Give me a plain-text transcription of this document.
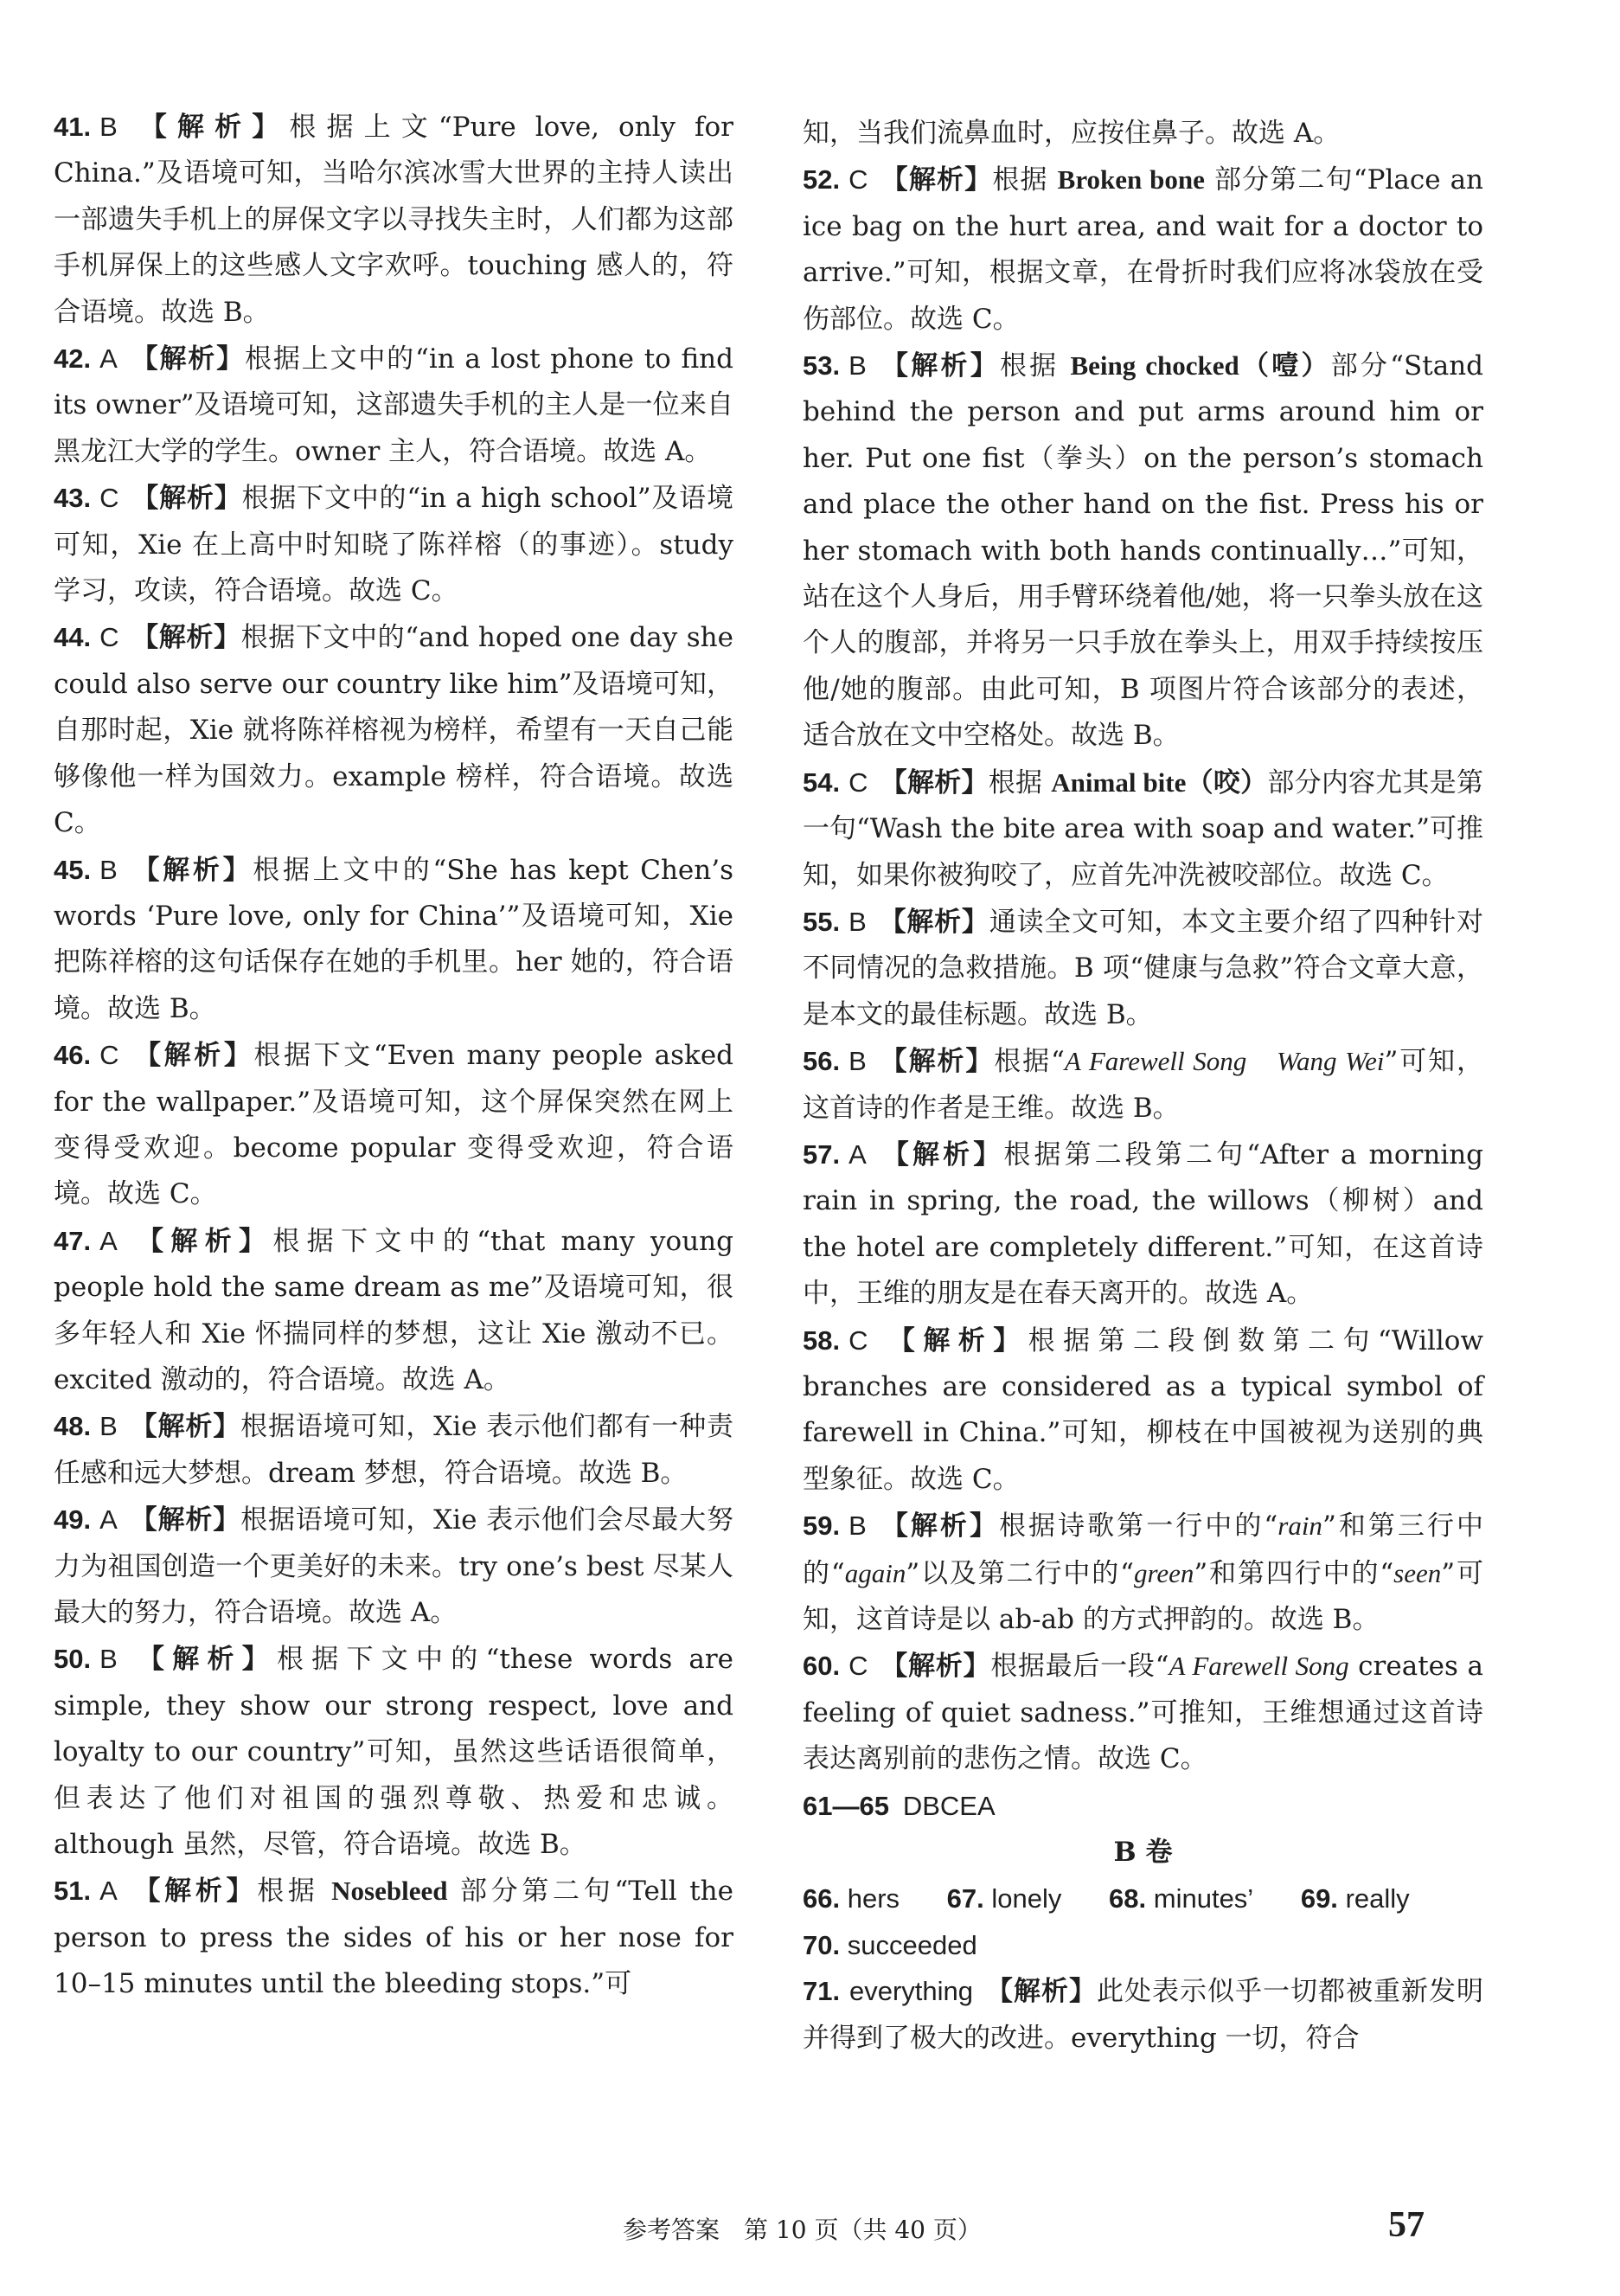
41. B 【解析】根据上文“Pure love, only for China.”及语境可知，当哈尔滨冰雪大世界的主持人读出一部遗失手机上的屏保文字以寻找失主时，人们都为这部手机屏保上的这些感人文字欢呼。touching 感人的，符合语境。故选 B。

42. A 【解析】根据上文中的“in a lost phone to find its owner”及语境可知，这部遗失手机的主人是一位来自黑龙江大学的学生。owner 主人，符合语境。故选 A。

43. C 【解析】根据下文中的“in a high school”及语境可知，Xie 在上高中时知晓了陈祥榕（的事迹）。study 学习，攻读，符合语境。故选 C。

44. C 【解析】根据下文中的“and hoped one day she could also serve our country like him”及语境可知，自那时起，Xie 就将陈祥榕视为榜样，希望有一天自己能够像他一样为国效力。example 榜样，符合语境。故选 C。

45. B 【解析】根据上文中的“She has kept Chen’s words ‘Pure love, only for China’”及语境可知，Xie 把陈祥榕的这句话保存在她的手机里。her 她的，符合语境。故选 B。

46. C 【解析】根据下文“Even many people asked for the wallpaper.”及语境可知，这个屏保突然在网上变得受欢迎。become popular 变得受欢迎，符合语境。故选 C。

47. A 【解析】根据下文中的“that many young people hold the same dream as me”及语境可知，很多年轻人和 Xie 怀揣同样的梦想，这让 Xie 激动不已。excited 激动的，符合语境。故选 A。

48. B 【解析】根据语境可知，Xie 表示他们都有一种责任感和远大梦想。dream 梦想，符合语境。故选 B。

49. A 【解析】根据语境可知，Xie 表示他们会尽最大努力为祖国创造一个更美好的未来。try one’s best 尽某人最大的努力，符合语境。故选 A。

50. B 【解析】根据下文中的“these words are simple, they show our strong respect, love and loyalty to our country”可知，虽然这些话语很简单，但表达了他们对祖国的强烈尊敬、热爱和忠诚。although 虽然，尽管，符合语境。故选 B。

51. A 【解析】根据 Nosebleed 部分第二句“Tell the person to press the sides of his or her nose for 10–15 minutes until the bleeding stops.”可

知，当我们流鼻血时，应按住鼻子。故选 A。

52. C 【解析】根据 Broken bone 部分第二句“Place an ice bag on the hurt area, and wait for a doctor to arrive.”可知，根据文章，在骨折时我们应将冰袋放在受伤部位。故选 C。

53. B 【解析】根据 Being chocked（噎）部分“Stand behind the person and put arms around him or her. Put one fist（拳头）on the person’s stomach and place the other hand on the fist. Press his or her stomach with both hands continually…”可知，站在这个人身后，用手臂环绕着他/她，将一只拳头放在这个人的腹部，并将另一只手放在拳头上，用双手持续按压他/她的腹部。由此可知，B 项图片符合该部分的表述，适合放在文中空格处。故选 B。

54. C 【解析】根据 Animal bite（咬）部分内容尤其是第一句“Wash the bite area with soap and water.”可推知，如果你被狗咬了，应首先冲洗被咬部位。故选 C。

55. B 【解析】通读全文可知，本文主要介绍了四种针对不同情况的急救措施。B 项“健康与急救”符合文章大意，是本文的最佳标题。故选 B。

56. B 【解析】根据“A Farewell Song　Wang Wei”可知，这首诗的作者是王维。故选 B。

57. A 【解析】根据第二段第二句“After a morning rain in spring, the road, the willows（柳树）and the hotel are completely different.”可知，在这首诗中，王维的朋友是在春天离开的。故选 A。

58. C 【解析】根据第二段倒数第二句“Willow branches are considered as a typical symbol of farewell in China.”可知，柳枝在中国被视为送别的典型象征。故选 C。

59. B 【解析】根据诗歌第一行中的“rain”和第三行中的“again”以及第二行中的“green”和第四行中的“seen”可知，这首诗是以 ab-ab 的方式押韵的。故选 B。

60. C 【解析】根据最后一段“A Farewell Song creates a feeling of quiet sadness.”可推知，王维想通过这首诗表达离别前的悲伤之情。故选 C。

61—65 DBCEA

B 卷
66. hers 67. lonely 68. minutes’ 69. really
70. succeeded

71. everything 【解析】此处表示似乎一切都被重新发明并得到了极大的改进。everything 一切，符合

参考答案　 第 10 页（共 40 页）	57
